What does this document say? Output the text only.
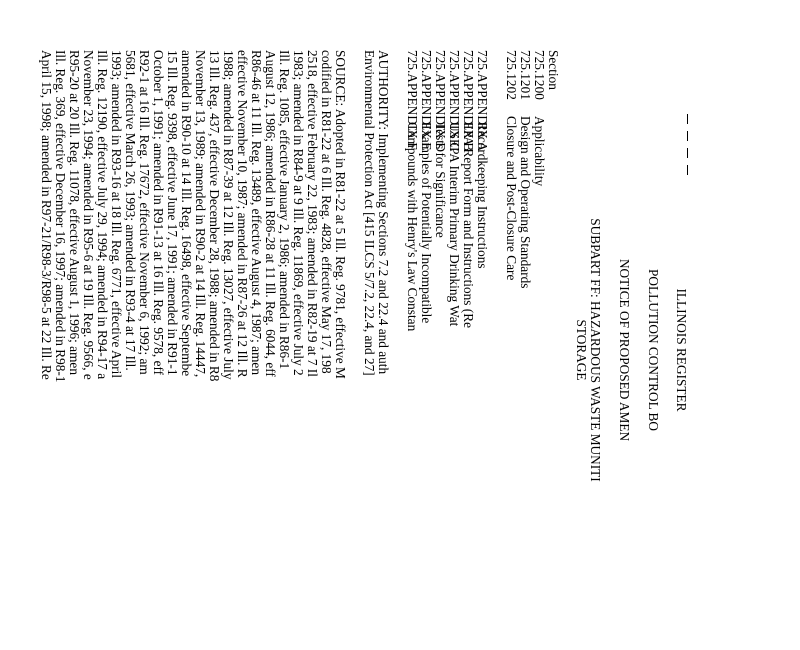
ILLINOIS REGISTER
POLLUTION CONTROL BO
NOTICE OF PROPOSED AMEN
SUBPART FF: HAZARDOUS WASTE MUNITI
STORAGE
Section
725.1200Applicability
725.1201Design and Operating Standards
725.1202Closure and Post-Closure Care
725.APPENDIX ARecordkeeping Instructions
725.APPENDIX BEPA Report Form and Instructions (Re
725.APPENDIX CUSEPA Interim Primary Drinking Wat
725.APPENDIX DTests for Significance
725.APPENDIX EExamples of Potentially Incompatible
725.APPENDIX FCompounds with Henry's Law Constan
AUTHORITY: Implementing Sections 7.2 and 22.4 and auth
Environmental Protection Act [415 ILCS 5/7.2, 22.4, and 27]
SOURCE: Adopted in R81-22 at 5 Ill. Reg. 9781, effective M
codified in R81-22 at 6 Ill. Reg. 4828, effective May 17, 198
2518, effective February 22, 1983; amended in R82-19 at 7 Il
1983; amended in R84-9 at 9 Ill. Reg. 11869, effective July 2
Ill. Reg. 1085, effective January 2, 1986; amended in R86-1
August 12, 1986; amended in R86-28 at 11 Ill. Reg. 6044, eff
R86-46 at 11 Ill. Reg. 13489, effective August 4, 1987; amen
effective November 10, 1987; amended in R87-26 at 12 Ill. R
1988; amended in R87-39 at 12 Ill. Reg. 13027, effective July
13 Ill. Reg. 437, effective December 28, 1988; amended in R8
November 13, 1989; amended in R90-2 at 14 Ill. Reg. 14447,
amended in R90-10 at 14 Ill. Reg. 16498, effective Septembe
15 Ill. Reg. 9398, effective June 17, 1991; amended in R91-1
October 1, 1991; amended in R91-13 at 16 Ill. Reg. 9578, eff
R92-1 at 16 Ill. Reg. 17672, effective November 6, 1992; am
5681, effective March 26, 1993; amended in R93-4 at 17 Ill.
1993; amended in R93-16 at 18 Ill. Reg. 6771, effective April
Ill. Reg. 12190, effective July 29, 1994; amended in R94-17 a
November 23, 1994; amended in R95-6 at 19 Ill. Reg. 9566, e
R95-20 at 20 Ill. Reg. 11078, effective August 1, 1996; amen
Ill. Reg. 369, effective December 16, 1997; amended in R98-1
April 15, 1998; amended in R97-21/R98-3/R98-5 at 22 Ill. Re
